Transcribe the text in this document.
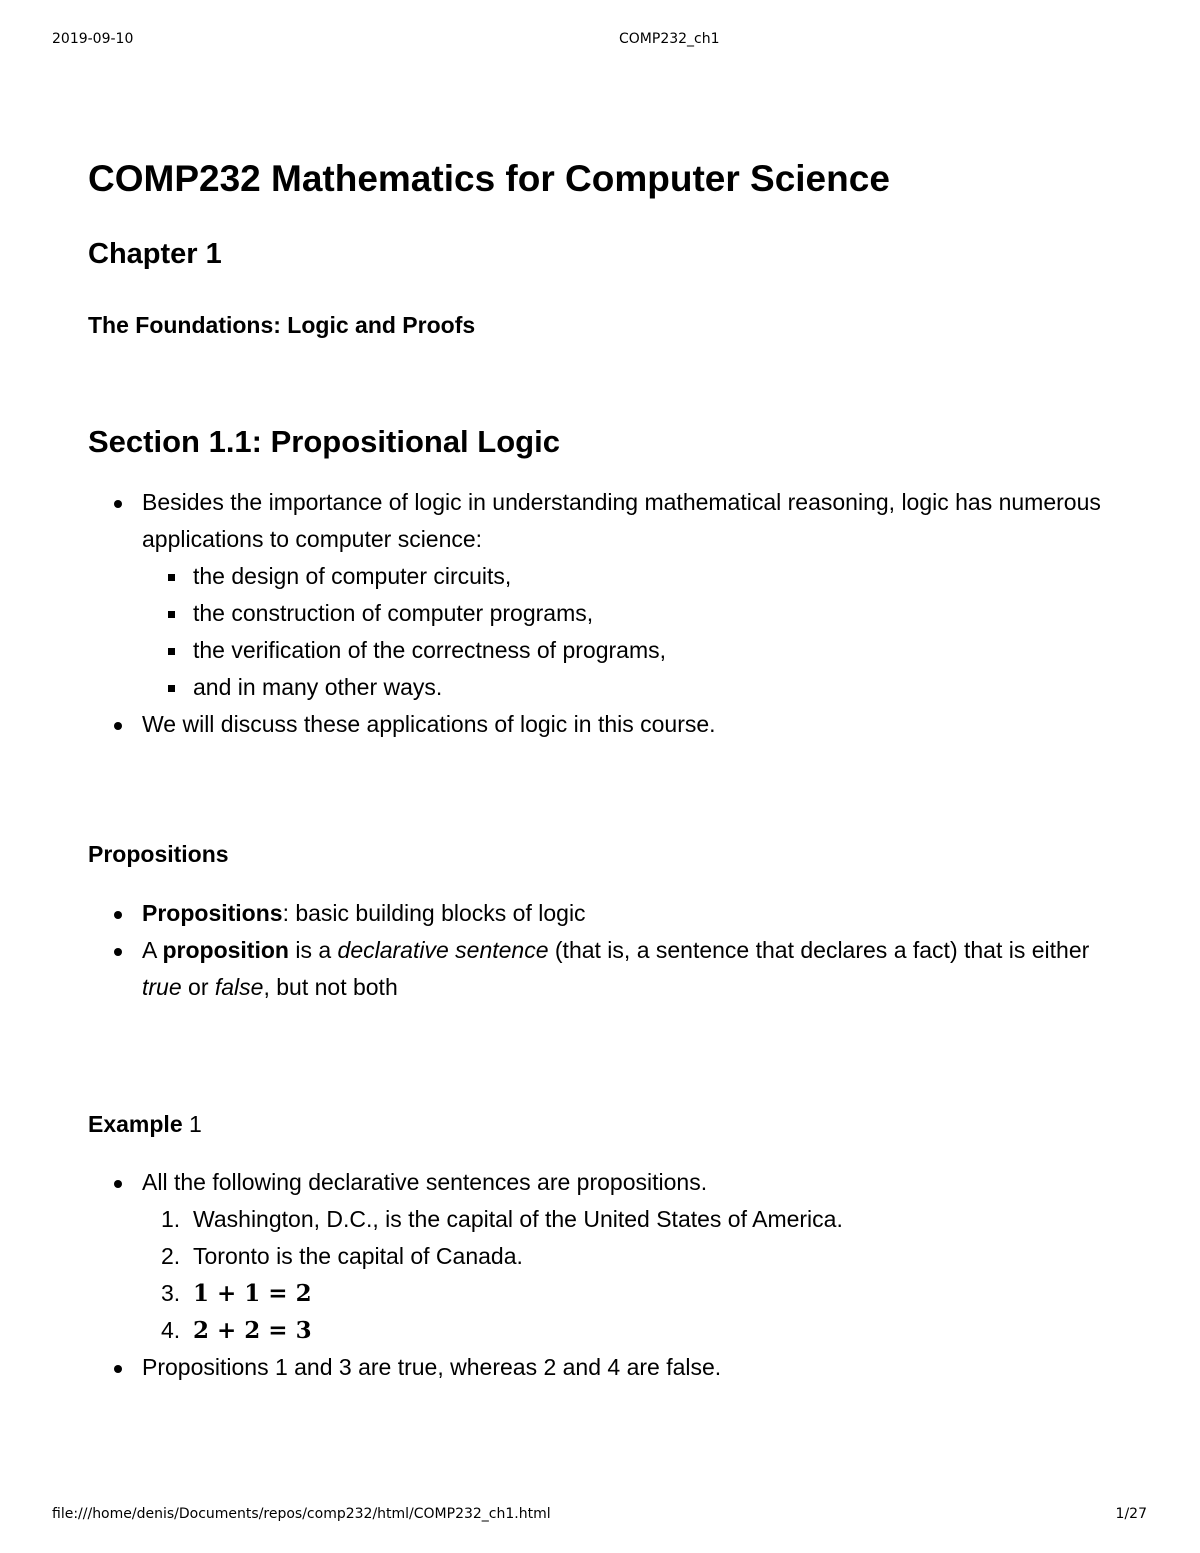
2019-09-10	COMP232_ch1
COMP232 Mathematics for Computer Science
Chapter 1
The Foundations: Logic and Proofs
Section 1.1: Propositional Logic
Besides the importance of logic in understanding mathematical reasoning, logic has numerous applications to computer science:
the design of computer circuits,
the construction of computer programs,
the verification of the correctness of programs,
and in many other ways.
We will discuss these applications of logic in this course.
Propositions
Propositions: basic building blocks of logic
A proposition is a declarative sentence (that is, a sentence that declares a fact) that is either true or false, but not both
Example 1
All the following declarative sentences are propositions.
1. Washington, D.C., is the capital of the United States of America.
2. Toronto is the capital of Canada.
3. 1 + 1 = 2
4. 2 + 2 = 3
Propositions 1 and 3 are true, whereas 2 and 4 are false.
file:///home/denis/Documents/repos/comp232/html/COMP232_ch1.html	1/27
